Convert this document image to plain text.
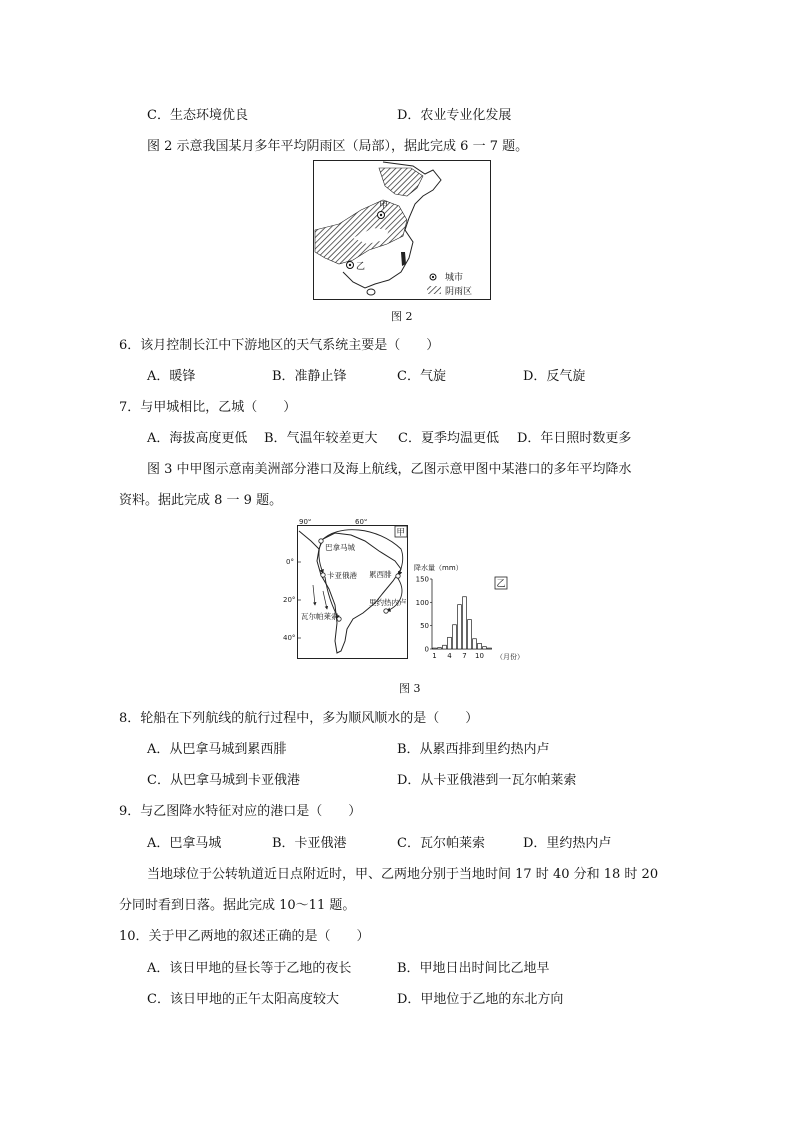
C．生态环境优良	D．农业专业化发展
图 2 示意我国某月多年平均阴雨区（局部），据此完成 6 一 7 题。
甲
乙
城市
阴雨区
图 2
6．该月控制长江中下游地区的天气系统主要是（　　）
A．暖锋	B．准静止锋	C．气旋	D．反气旋
7．与甲城相比，乙城（　　）
A．海拔高度更低 B．气温年较差更大 C．夏季均温更低 D．年日照时数更多
图 3 中甲图示意南美洲部分港口及海上航线，乙图示意甲图中某港口的多年平均降水
资料。据此完成 8 一 9 题。
90°	60°
0°
20°
40°
巴拿马城
卡亚俄港 累西腓
里约热内卢
瓦尔帕莱索
甲
乙
降水量（mm）
0
50
100
150
1 4 7 10 （月份）
图 3
8．轮船在下列航线的航行过程中，多为顺风顺水的是（　　）
A．从巴拿马城到累西腓	B．从累西排到里约热内卢
C．从巴拿马城到卡亚俄港	D．从卡亚俄港到一瓦尔帕莱索
9．与乙图降水特征对应的港口是（　　）
A．巴拿马城	B．卡亚俄港	C．瓦尔帕莱索	D．里约热内卢
当地球位于公转轨道近日点附近时，甲、乙两地分别于当地时间 17 时 40 分和 18 时 20
分同时看到日落。据此完成 10～11 题。
10．关于甲乙两地的叙述正确的是（　　）
A．该日甲地的昼长等于乙地的夜长	B．甲地日出时间比乙地早
C．该日甲地的正午太阳高度较大	D．甲地位于乙地的东北方向
